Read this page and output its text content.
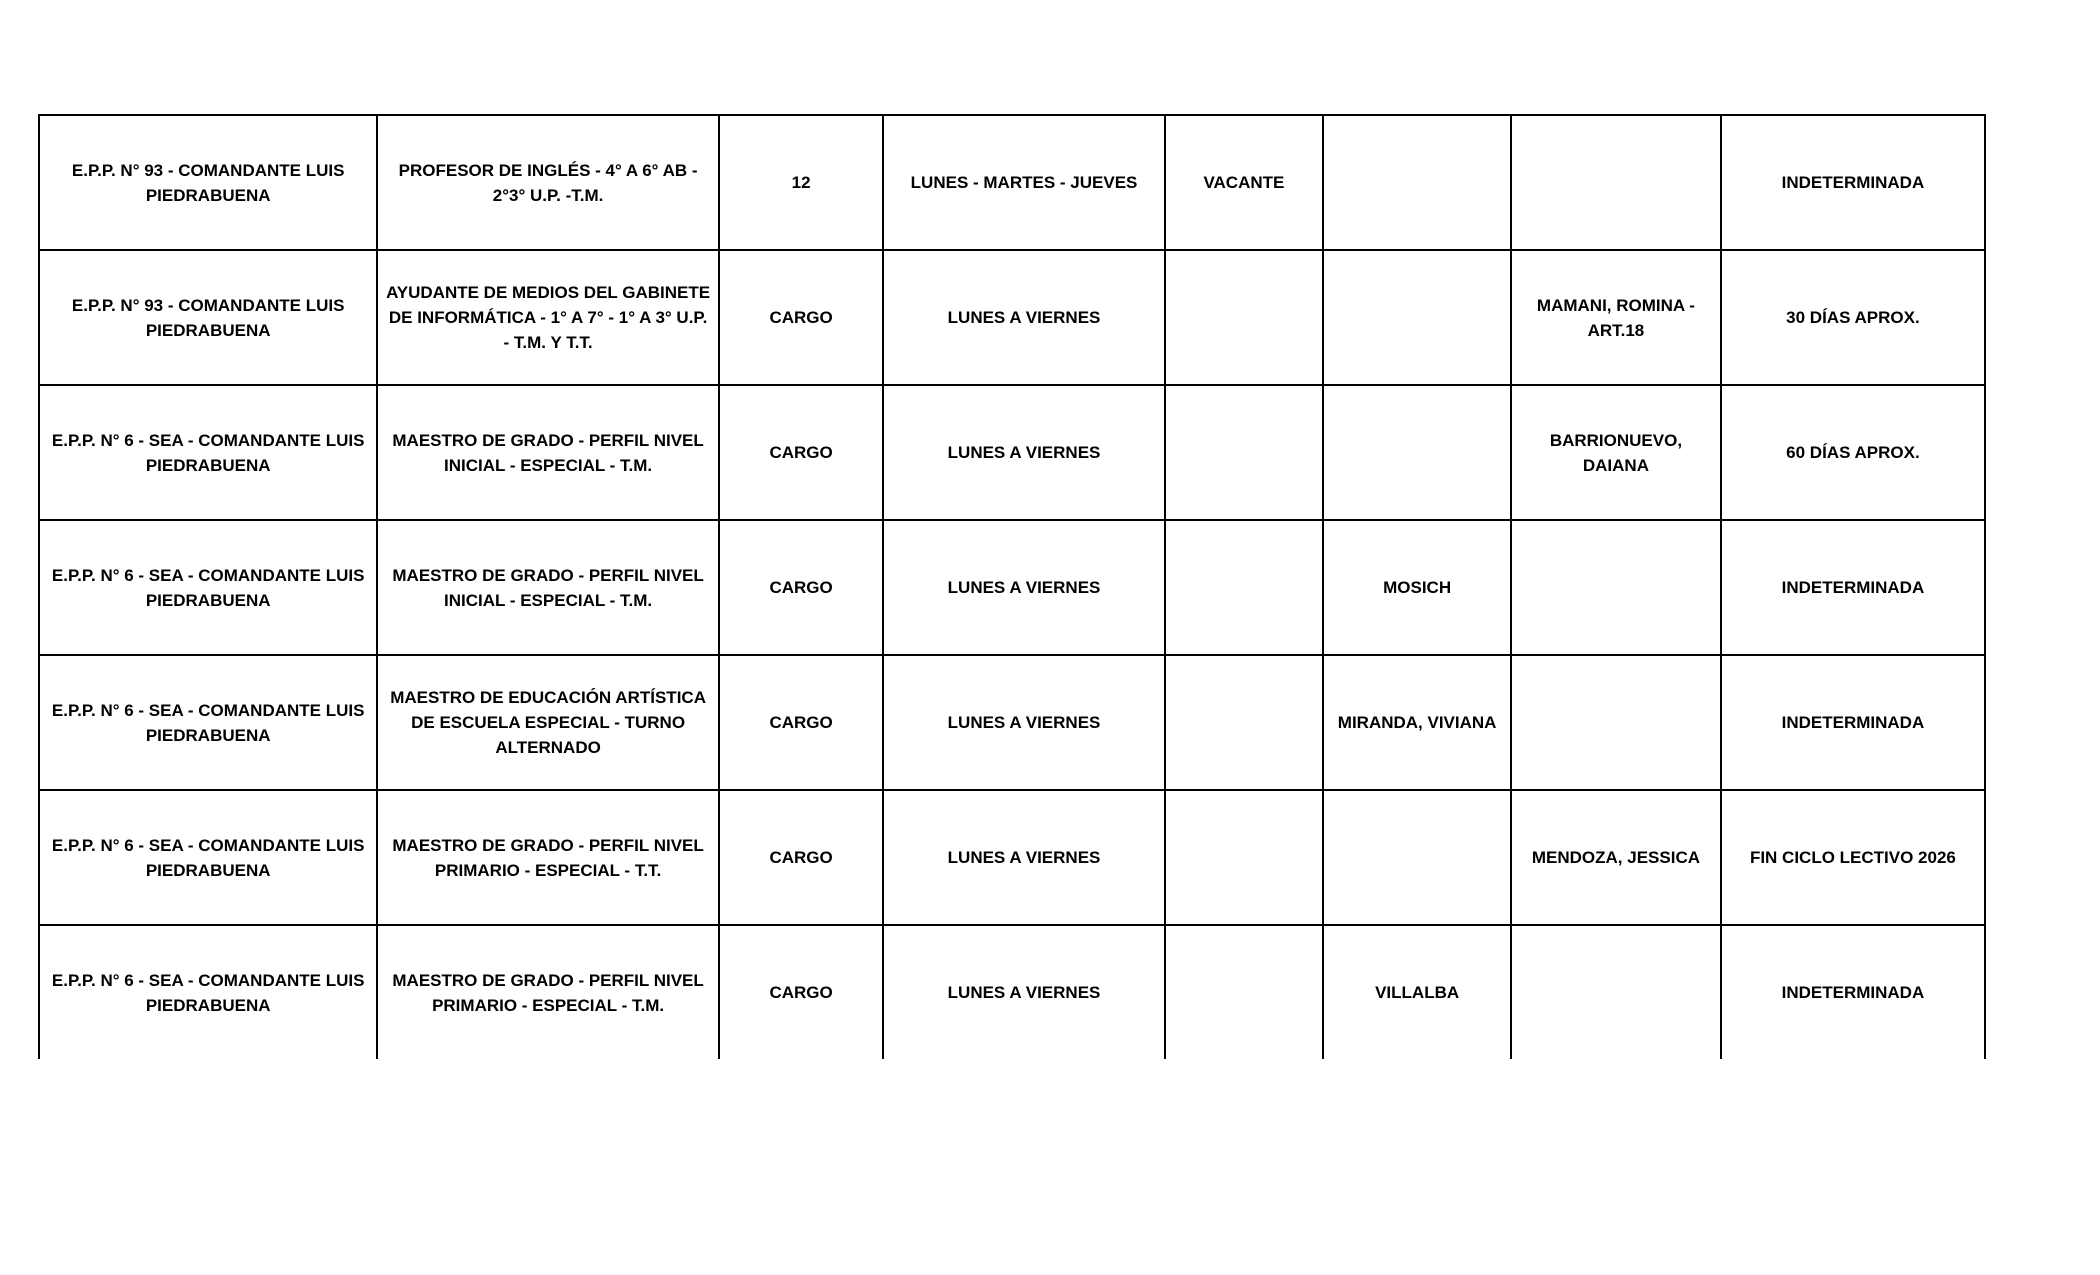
E.P.P. N° 93 - COMANDANTE LUIS PIEDRABUENA	PROFESOR DE INGLÉS - 4° A 6° AB - 2°3° U.P. -T.M.	12	LUNES - MARTES - JUEVES	VACANTE			INDETERMINADA
E.P.P. N° 93 - COMANDANTE LUIS PIEDRABUENA	AYUDANTE DE MEDIOS DEL GABINETE DE INFORMÁTICA - 1° A 7° - 1° A 3° U.P. - T.M. Y T.T.	CARGO	LUNES A VIERNES			MAMANI, ROMINA - ART.18	30 DÍAS APROX.
E.P.P. N° 6 - SEA - COMANDANTE LUIS PIEDRABUENA	MAESTRO DE GRADO - PERFIL NIVEL INICIAL - ESPECIAL - T.M.	CARGO	LUNES A VIERNES			BARRIONUEVO, DAIANA	60 DÍAS APROX.
E.P.P. N° 6 - SEA - COMANDANTE LUIS PIEDRABUENA	MAESTRO DE GRADO - PERFIL NIVEL INICIAL - ESPECIAL - T.M.	CARGO	LUNES A VIERNES		MOSICH		INDETERMINADA
E.P.P. N° 6 - SEA - COMANDANTE LUIS PIEDRABUENA	MAESTRO DE EDUCACIÓN ARTÍSTICA DE ESCUELA ESPECIAL - TURNO ALTERNADO	CARGO	LUNES A VIERNES		MIRANDA, VIVIANA		INDETERMINADA
E.P.P. N° 6 - SEA - COMANDANTE LUIS PIEDRABUENA	MAESTRO DE GRADO - PERFIL NIVEL PRIMARIO - ESPECIAL - T.T.	CARGO	LUNES A VIERNES			MENDOZA, JESSICA	FIN CICLO LECTIVO 2026
E.P.P. N° 6 - SEA - COMANDANTE LUIS PIEDRABUENA	MAESTRO DE GRADO - PERFIL NIVEL PRIMARIO - ESPECIAL - T.M.	CARGO	LUNES A VIERNES		VILLALBA		INDETERMINADA
